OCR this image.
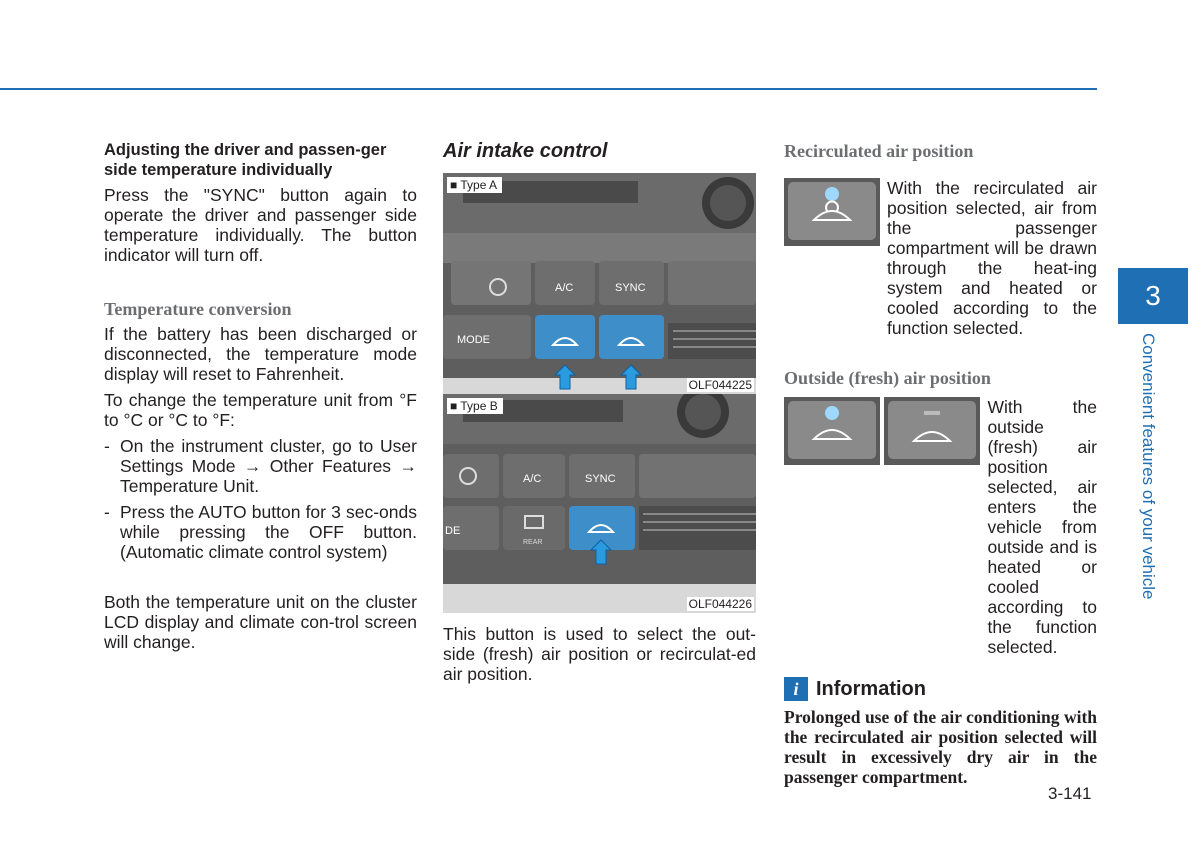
Adjusting the driver and passen-ger side temperature individually

Press the "SYNC" button again to operate the driver and passenger side temperature individually. The button indicator will turn off.

Temperature conversion

If the battery has been discharged or disconnected, the temperature mode display will reset to Fahrenheit.

To change the temperature unit from °F to °C or °C to °F:

- On the instrument cluster, go to User Settings Mode → Other Features → Temperature Unit.
- Press the AUTO button for 3 sec-onds while pressing the OFF button. (Automatic climate control system)

Both the temperature unit on the cluster LCD display and climate con-trol screen will change.

Air intake control

A/C	SYNC
MODE
■ Type A
OLF044225
A/C	SYNC
DE
REAR
■ Type B
OLF044226

This button is used to select the out-side (fresh) air position or recirculat-ed air position.

Recirculated air position

With the recirculated air position selected, air from the passenger compartment will be drawn through the heat-ing system and heated or cooled according to the function selected.

Outside (fresh) air position

With the outside (fresh) air position selected, air enters the vehicle from outside and is heated or cooled according to the function selected.

i Information

Prolonged use of the air conditioning with the recirculated air position selected will result in excessively dry air in the passenger compartment.

3
Convenient features of your vehicle
3-141
